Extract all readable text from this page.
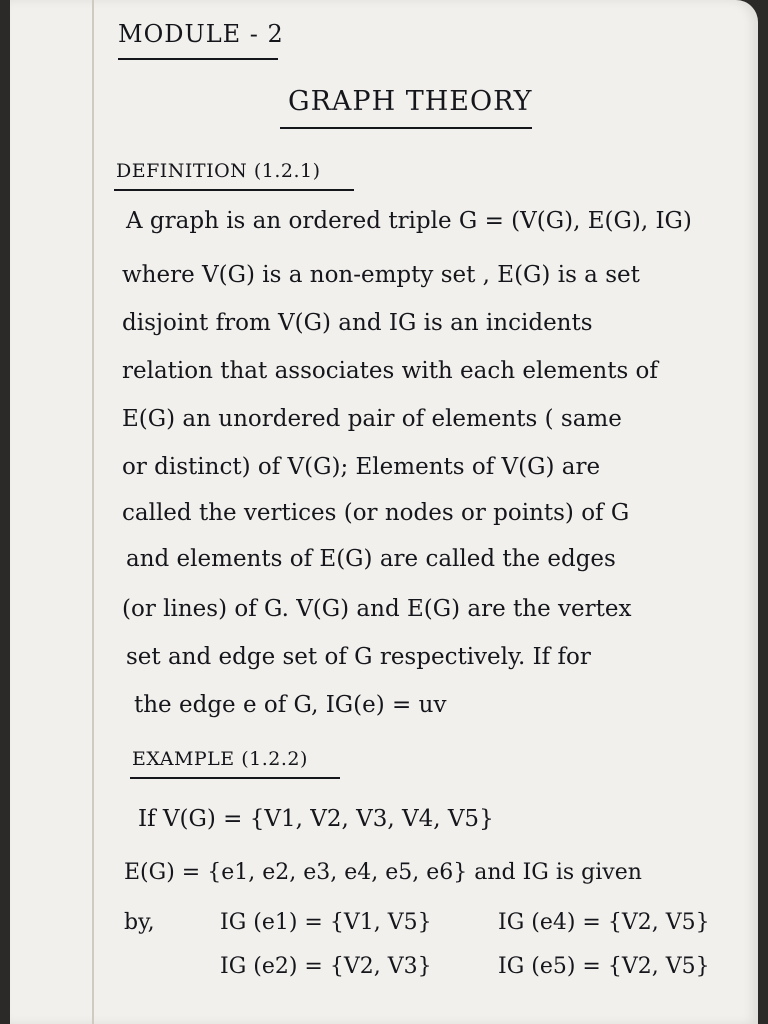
MODULE - 2
GRAPH THEORY
DEFINITION (1.2.1)
A graph is an ordered triple G = (V(G), E(G), IG)
where V(G) is a non-empty set , E(G) is a set
disjoint from V(G) and IG is an incidents
relation that associates with each elements of
E(G) an unordered pair of elements ( same
or distinct) of V(G); Elements of V(G) are
called the vertices (or nodes or points) of G
and elements of E(G) are called the edges
(or lines) of G. V(G) and E(G) are the vertex
set and edge set of G respectively. If for
the edge e of G, IG(e) = uv
EXAMPLE (1.2.2)
If V(G) = {V1, V2, V3, V4, V5}
E(G) = {e1, e2, e3, e4, e5, e6} and IG is given
by,	IG (e1) = {V1, V5}	IG (e4) = {V2, V5}
IG (e2) = {V2, V3}	IG (e5) = {V2, V5}
